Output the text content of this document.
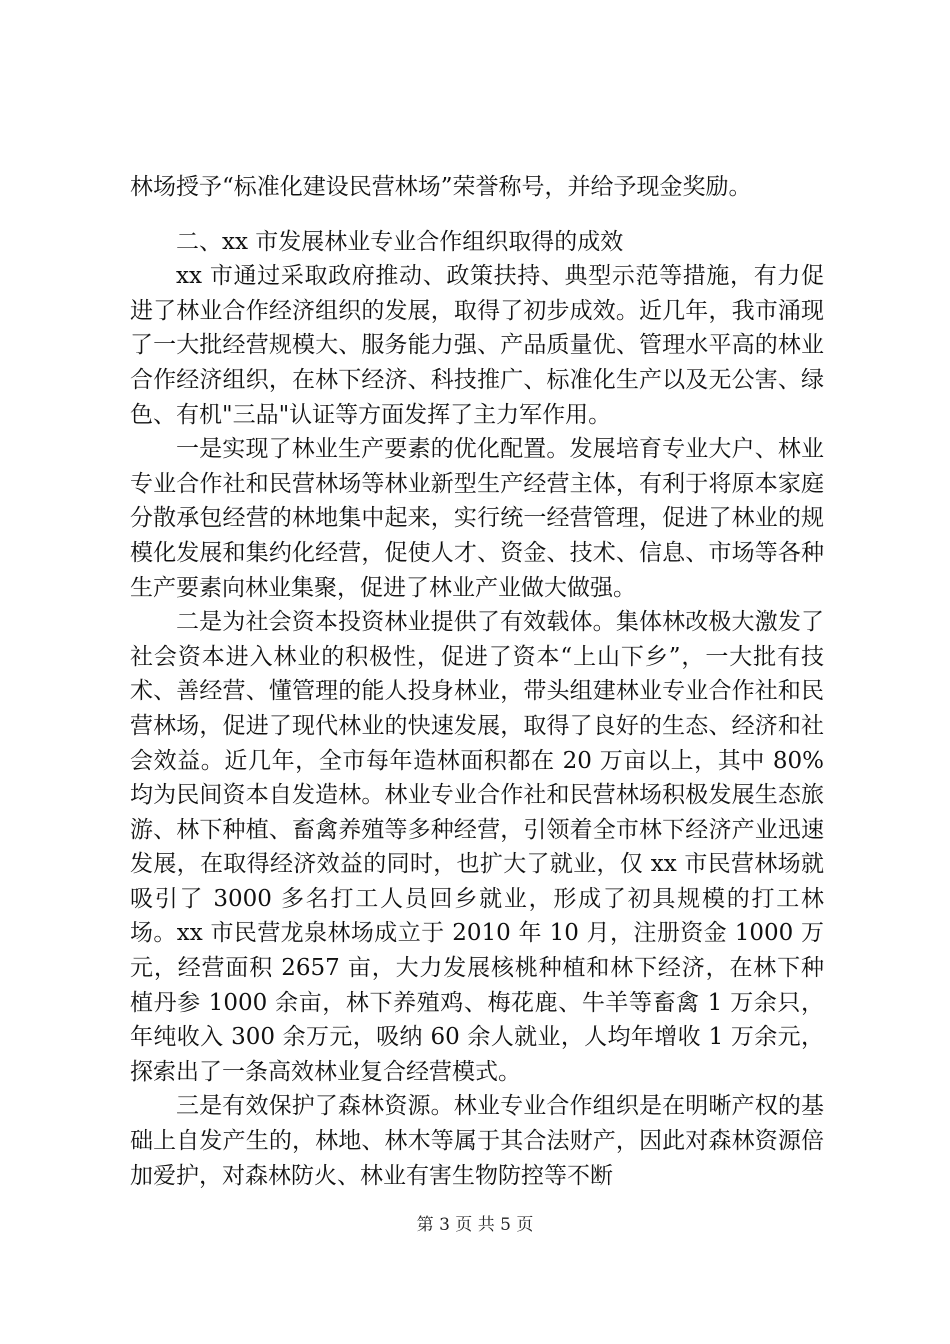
林场授予“标准化建设民营林场”荣誉称号，并给予现金奖励。

二、xx 市发展林业专业合作组织取得的成效

xx 市通过采取政府推动、政策扶持、典型示范等措施，有力促进了林业合作经济组织的发展，取得了初步成效。近几年，我市涌现了一大批经营规模大、服务能力强、产品质量优、管理水平高的林业合作经济组织，在林下经济、科技推广、标准化生产以及无公害、绿色、有机"三品"认证等方面发挥了主力军作用。

一是实现了林业生产要素的优化配置。发展培育专业大户、林业专业合作社和民营林场等林业新型生产经营主体，有利于将原本家庭分散承包经营的林地集中起来，实行统一经营管理，促进了林业的规模化发展和集约化经营，促使人才、资金、技术、信息、市场等各种生产要素向林业集聚，促进了林业产业做大做强。

二是为社会资本投资林业提供了有效载体。集体林改极大激发了社会资本进入林业的积极性，促进了资本“上山下乡”，一大批有技术、善经营、懂管理的能人投身林业，带头组建林业专业合作社和民营林场，促进了现代林业的快速发展，取得了良好的生态、经济和社会效益。近几年，全市每年造林面积都在 20 万亩以上，其中 80%均为民间资本自发造林。林业专业合作社和民营林场积极发展生态旅游、林下种植、畜禽养殖等多种经营，引领着全市林下经济产业迅速发展，在取得经济效益的同时，也扩大了就业，仅 xx 市民营林场就吸引了 3000 多名打工人员回乡就业，形成了初具规模的打工林场。xx 市民营龙泉林场成立于 2010 年 10 月，注册资金 1000 万元，经营面积 2657 亩，大力发展核桃种植和林下经济，在林下种植丹参 1000 余亩，林下养殖鸡、梅花鹿、牛羊等畜禽 1 万余只，年纯收入 300 余万元，吸纳 60 余人就业，人均年增收 1 万余元，探索出了一条高效林业复合经营模式。

三是有效保护了森林资源。林业专业合作组织是在明晰产权的基础上自发产生的，林地、林木等属于其合法财产，因此对森林资源倍加爱护，对森林防火、林业有害生物防控等不断

第 3 页 共 5 页
